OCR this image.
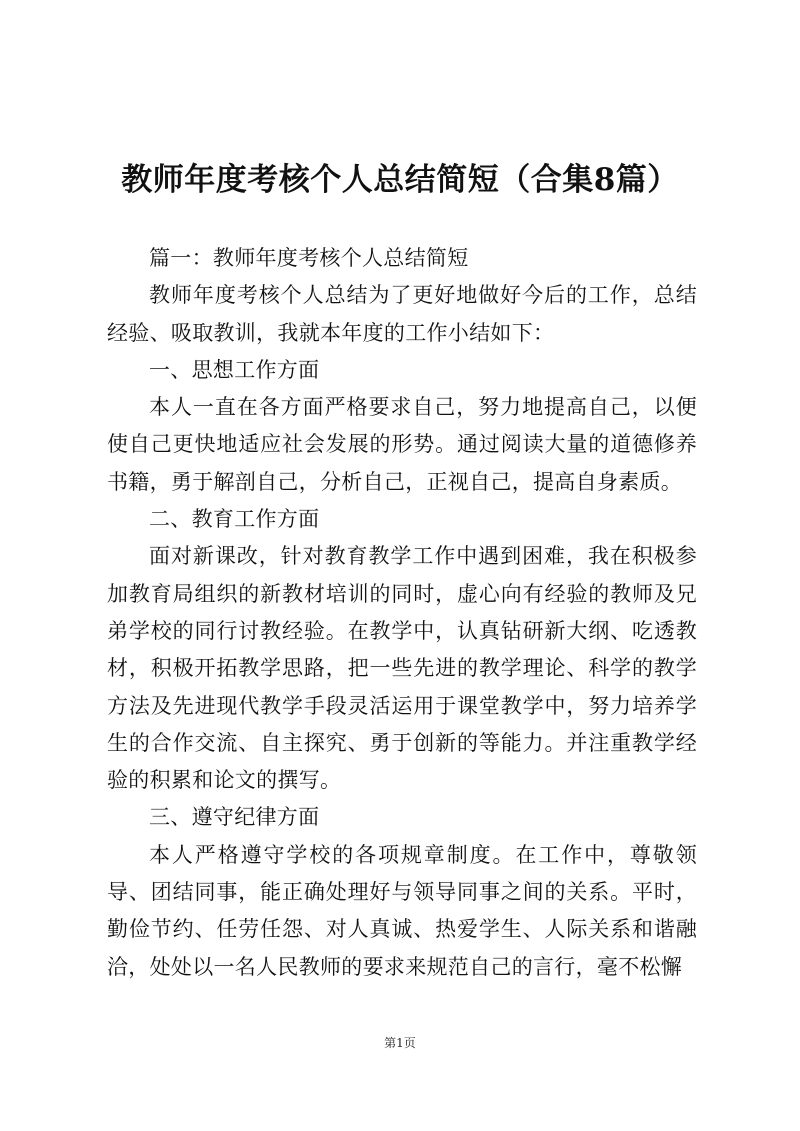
教师年度考核个人总结简短（合集8篇）

篇一：教师年度考核个人总结简短

教师年度考核个人总结为了更好地做好今后的工作，总结经验、吸取教训，我就本年度的工作小结如下：

一、思想工作方面

本人一直在各方面严格要求自己，努力地提高自己，以便使自己更快地适应社会发展的形势。通过阅读大量的道德修养书籍，勇于解剖自己，分析自己，正视自己，提高自身素质。

二、教育工作方面

面对新课改，针对教育教学工作中遇到困难，我在积极参加教育局组织的新教材培训的同时，虚心向有经验的教师及兄弟学校的同行讨教经验。在教学中，认真钻研新大纲、吃透教材，积极开拓教学思路，把一些先进的教学理论、科学的教学方法及先进现代教学手段灵活运用于课堂教学中，努力培养学生的合作交流、自主探究、勇于创新的等能力。并注重教学经验的积累和论文的撰写。

三、遵守纪律方面

本人严格遵守学校的各项规章制度。在工作中，尊敬领导、团结同事，能正确处理好与领导同事之间的关系。平时，勤俭节约、任劳任怨、对人真诚、热爱学生、人际关系和谐融洽，处处以一名人民教师的要求来规范自己的言行，毫不松懈

第1页
